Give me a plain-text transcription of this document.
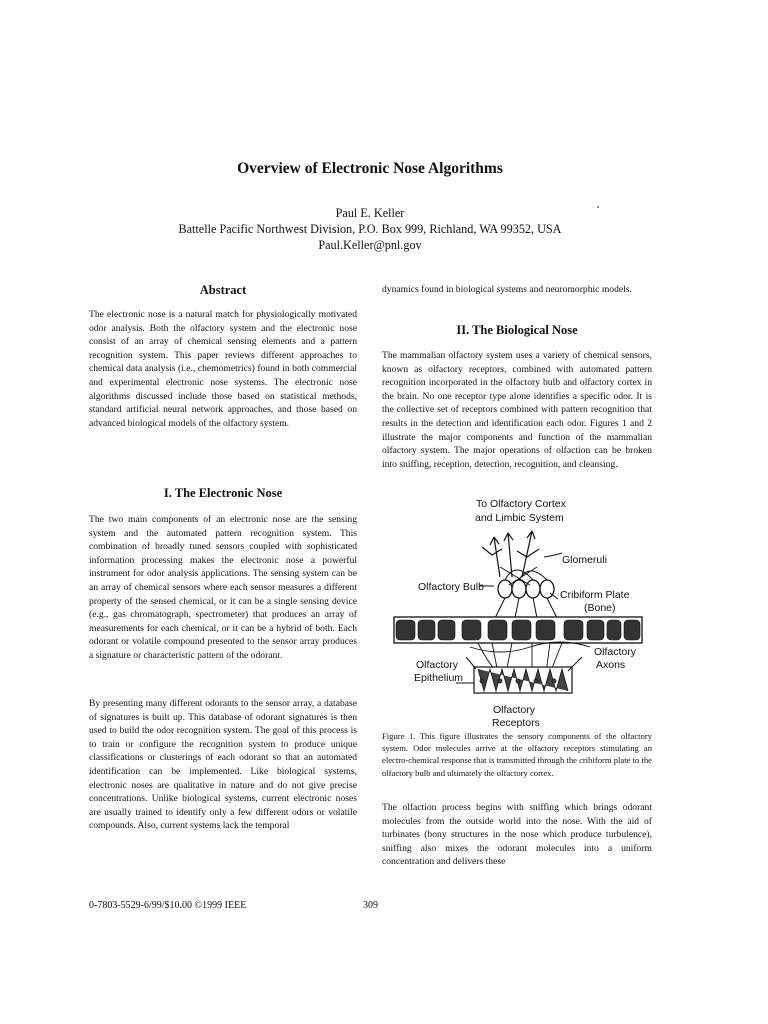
Overview of Electronic Nose Algorithms
Paul E. Keller
Battelle Pacific Northwest Division, P.O. Box 999, Richland, WA 99352, USA
Paul.Keller@pnl.gov
Abstract
The electronic nose is a natural match for physiologically motivated odor analysis. Both the olfactory system and the electronic nose consist of an array of chemical sensing elements and a pattern recognition system. This paper reviews different approaches to chemical data analysis (i.e., chemometrics) found in both commercial and experimental electronic nose systems. The electronic nose algorithms discussed include those based on statistical methods, standard artificial neural network approaches, and those based on advanced biological models of the olfactory system.
I. The Electronic Nose
The two main components of an electronic nose are the sensing system and the automated pattern recognition system. This combination of broadly tuned sensors coupled with sophisticated information processing makes the electronic nose a powerful instrument for odor analysis applications. The sensing system can be an array of chemical sensors where each sensor measures a different property of the sensed chemical, or it can be a single sensing device (e.g., gas chromatograph, spectrometer) that produces an array of measurements for each chemical, or it can be a hybrid of both. Each odorant or volatile compound presented to the sensor array produces a signature or characteristic pattern of the odorant.
By presenting many different odorants to the sensor array, a database of signatures is built up. This database of odorant signatures is then used to build the odor recognition system. The goal of this process is to train or configure the recognition system to produce unique classifications or clusterings of each odorant so that an automated identification can be implemented. Like biological systems, electronic noses are qualitative in nature and do not give precise concentrations. Unlike biological systems, current electronic noses are usually trained to identify only a few different odors or volatile compounds. Also, current systems lack the temporal
dynamics found in biological systems and neuromorphic models.
II. The Biological Nose
The mammalian olfactory system uses a variety of chemical sensors, known as olfactory receptors, combined with automated pattern recognition incorporated in the olfactory bulb and olfactory cortex in the brain. No one receptor type alone identifies a specific odor. It is the collective set of receptors combined with pattern recognition that results in the detection and identification each odor. Figures 1 and 2 illustrate the major components and function of the mammalian olfactory system. The major operations of olfaction can be broken into sniffing, reception, detection, recognition, and cleansing.
To Olfactory Cortex
and Limbic System
Glomeruli
Olfactory Bulb
Cribiform Plate
(Bone)
Olfactory
Axons
Olfactory
Epithelium
Olfactory
Receptors
Figure 1. This figure illustrates the sensory components of the olfactory system. Odor molecules arrive at the olfactory receptors stimulating an electro-chemical response that is transmitted through the cribiform plate to the olfactory bulb and ultimately the olfactory cortex.
The olfaction process begins with sniffing which brings odorant molecules from the outside world into the nose. With the aid of turbinates (bony structures in the nose which produce turbulence), sniffing also mixes the odorant molecules into a uniform concentration and delivers these
0-7803-5529-6/99/$10.00 ©1999 IEEE	309
